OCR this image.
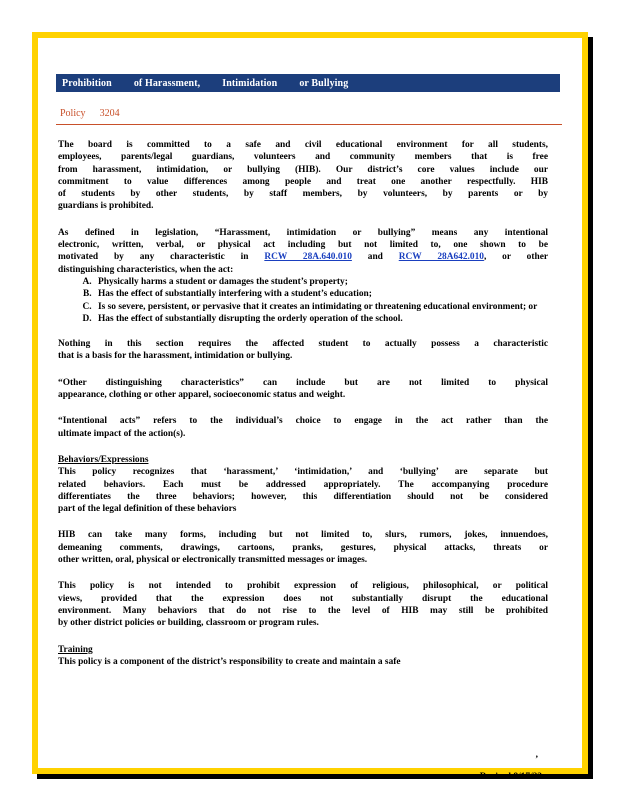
Prohibition of Harassment, Intimidation or Bullying
Policy 3204
The board is committed to a safe and civil educational environment for all students,
employees, parents/legal guardians, volunteers and community members that is free
from harassment, intimidation, or bullying (HIB). Our district’s core values include our
commitment to value differences among people and treat one another respectfully. HIB
of students by other students, by staff members, by volunteers, by parents or by
guardians is prohibited.
As defined in legislation, “Harassment, intimidation or bullying” means any intentional
electronic, written, verbal, or physical act including but not limited to, one shown to be
motivated by any characteristic in RCW 28A.640.010 and RCW 28A642.010, or other
distinguishing characteristics, when the act:
A. Physically harms a student or damages the student’s property;
B. Has the effect of substantially interfering with a student’s education;
C. Is so severe, persistent, or pervasive that it creates an intimidating or threatening educational environment; or
D. Has the effect of substantially disrupting the orderly operation of the school.
Nothing in this section requires the affected student to actually possess a characteristic
that is a basis for the harassment, intimidation or bullying.
“Other distinguishing characteristics” can include but are not limited to physical
appearance, clothing or other apparel, socioeconomic status and weight.
“Intentional acts” refers to the individual’s choice to engage in the act rather than the
ultimate impact of the action(s).
Behaviors/Expressions
This policy recognizes that ‘harassment,’ ‘intimidation,’ and ‘bullying’ are separate but
related behaviors. Each must be addressed appropriately. The accompanying procedure
differentiates the three behaviors; however, this differentiation should not be considered
part of the legal definition of these behaviors
HIB can take many forms, including but not limited to, slurs, rumors, jokes, innuendoes,
demeaning comments, drawings, cartoons, pranks, gestures, physical attacks, threats or
other written, oral, physical or electronically transmitted messages or images.
This policy is not intended to prohibit expression of religious, philosophical, or political
views, provided that the expression does not substantially disrupt the educational
environment. Many behaviors that do not rise to the level of HIB may still be prohibited
by other district policies or building, classroom or program rules.
Training
This policy is a component of the district’s responsibility to create and maintain a safe
,
Revised 8/17/22
